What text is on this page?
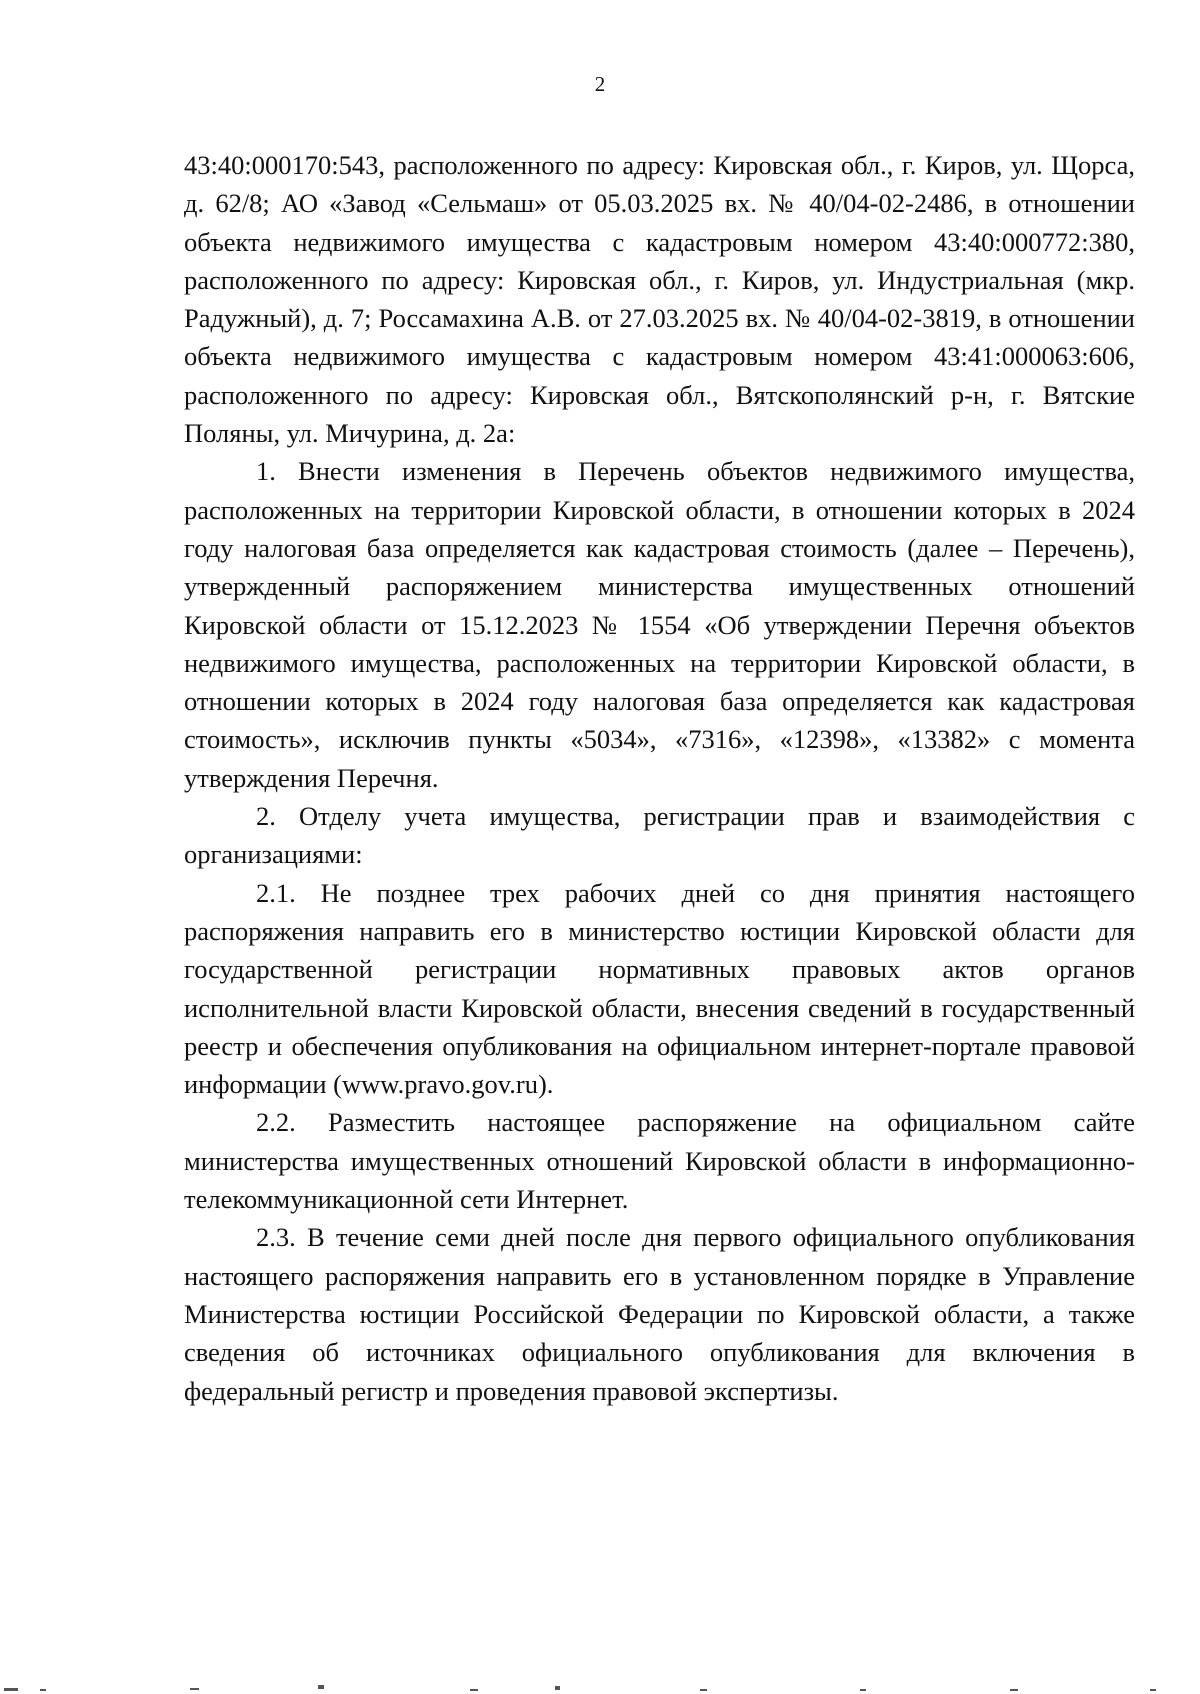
2

43:40:000170:543, расположенного по адресу: Кировская обл., г. Киров, ул. Щорса, д. 62/8; АО «Завод «Сельмаш» от 05.03.2025 вх. № 40/04-02-2486, в отношении объекта недвижимого имущества с кадастровым номером 43:40:000772:380, расположенного по адресу: Кировская обл., г. Киров, ул. Индустриальная (мкр. Радужный), д. 7; Россамахина А.В. от 27.03.2025 вх. № 40/04-02-3819, в отношении объекта недвижимого имущества с кадастровым номером 43:41:000063:606, расположенного по адресу: Кировская обл., Вятскополянский р-н, г. Вятские Поляны, ул. Мичурина, д. 2а:

1. Внести изменения в Перечень объектов недвижимого имущества, расположенных на территории Кировской области, в отношении которых в 2024 году налоговая база определяется как кадастровая стоимость (далее – Перечень), утвержденный распоряжением министерства имущественных отношений Кировской области от 15.12.2023 № 1554 «Об утверждении Перечня объектов недвижимого имущества, расположенных на территории Кировской области, в отношении которых в 2024 году налоговая база определяется как кадастровая стоимость», исключив пункты «5034», «7316», «12398», «13382» с момента утверждения Перечня.

2. Отделу учета имущества, регистрации прав и взаимодействия с организациями:

2.1. Не позднее трех рабочих дней со дня принятия настоящего распоряжения направить его в министерство юстиции Кировской области для государственной регистрации нормативных правовых актов органов исполнительной власти Кировской области, внесения сведений в государственный реестр и обеспечения опубликования на официальном интернет-портале правовой информации (www.pravo.gov.ru).

2.2. Разместить настоящее распоряжение на официальном сайте министерства имущественных отношений Кировской области в информационно-телекоммуникационной сети Интернет.

2.3. В течение семи дней после дня первого официального опубликования настоящего распоряжения направить его в установленном порядке в Управление Министерства юстиции Российской Федерации по Кировской области, а также сведения об источниках официального опубликования для включения в федеральный регистр и проведения правовой экспертизы.
